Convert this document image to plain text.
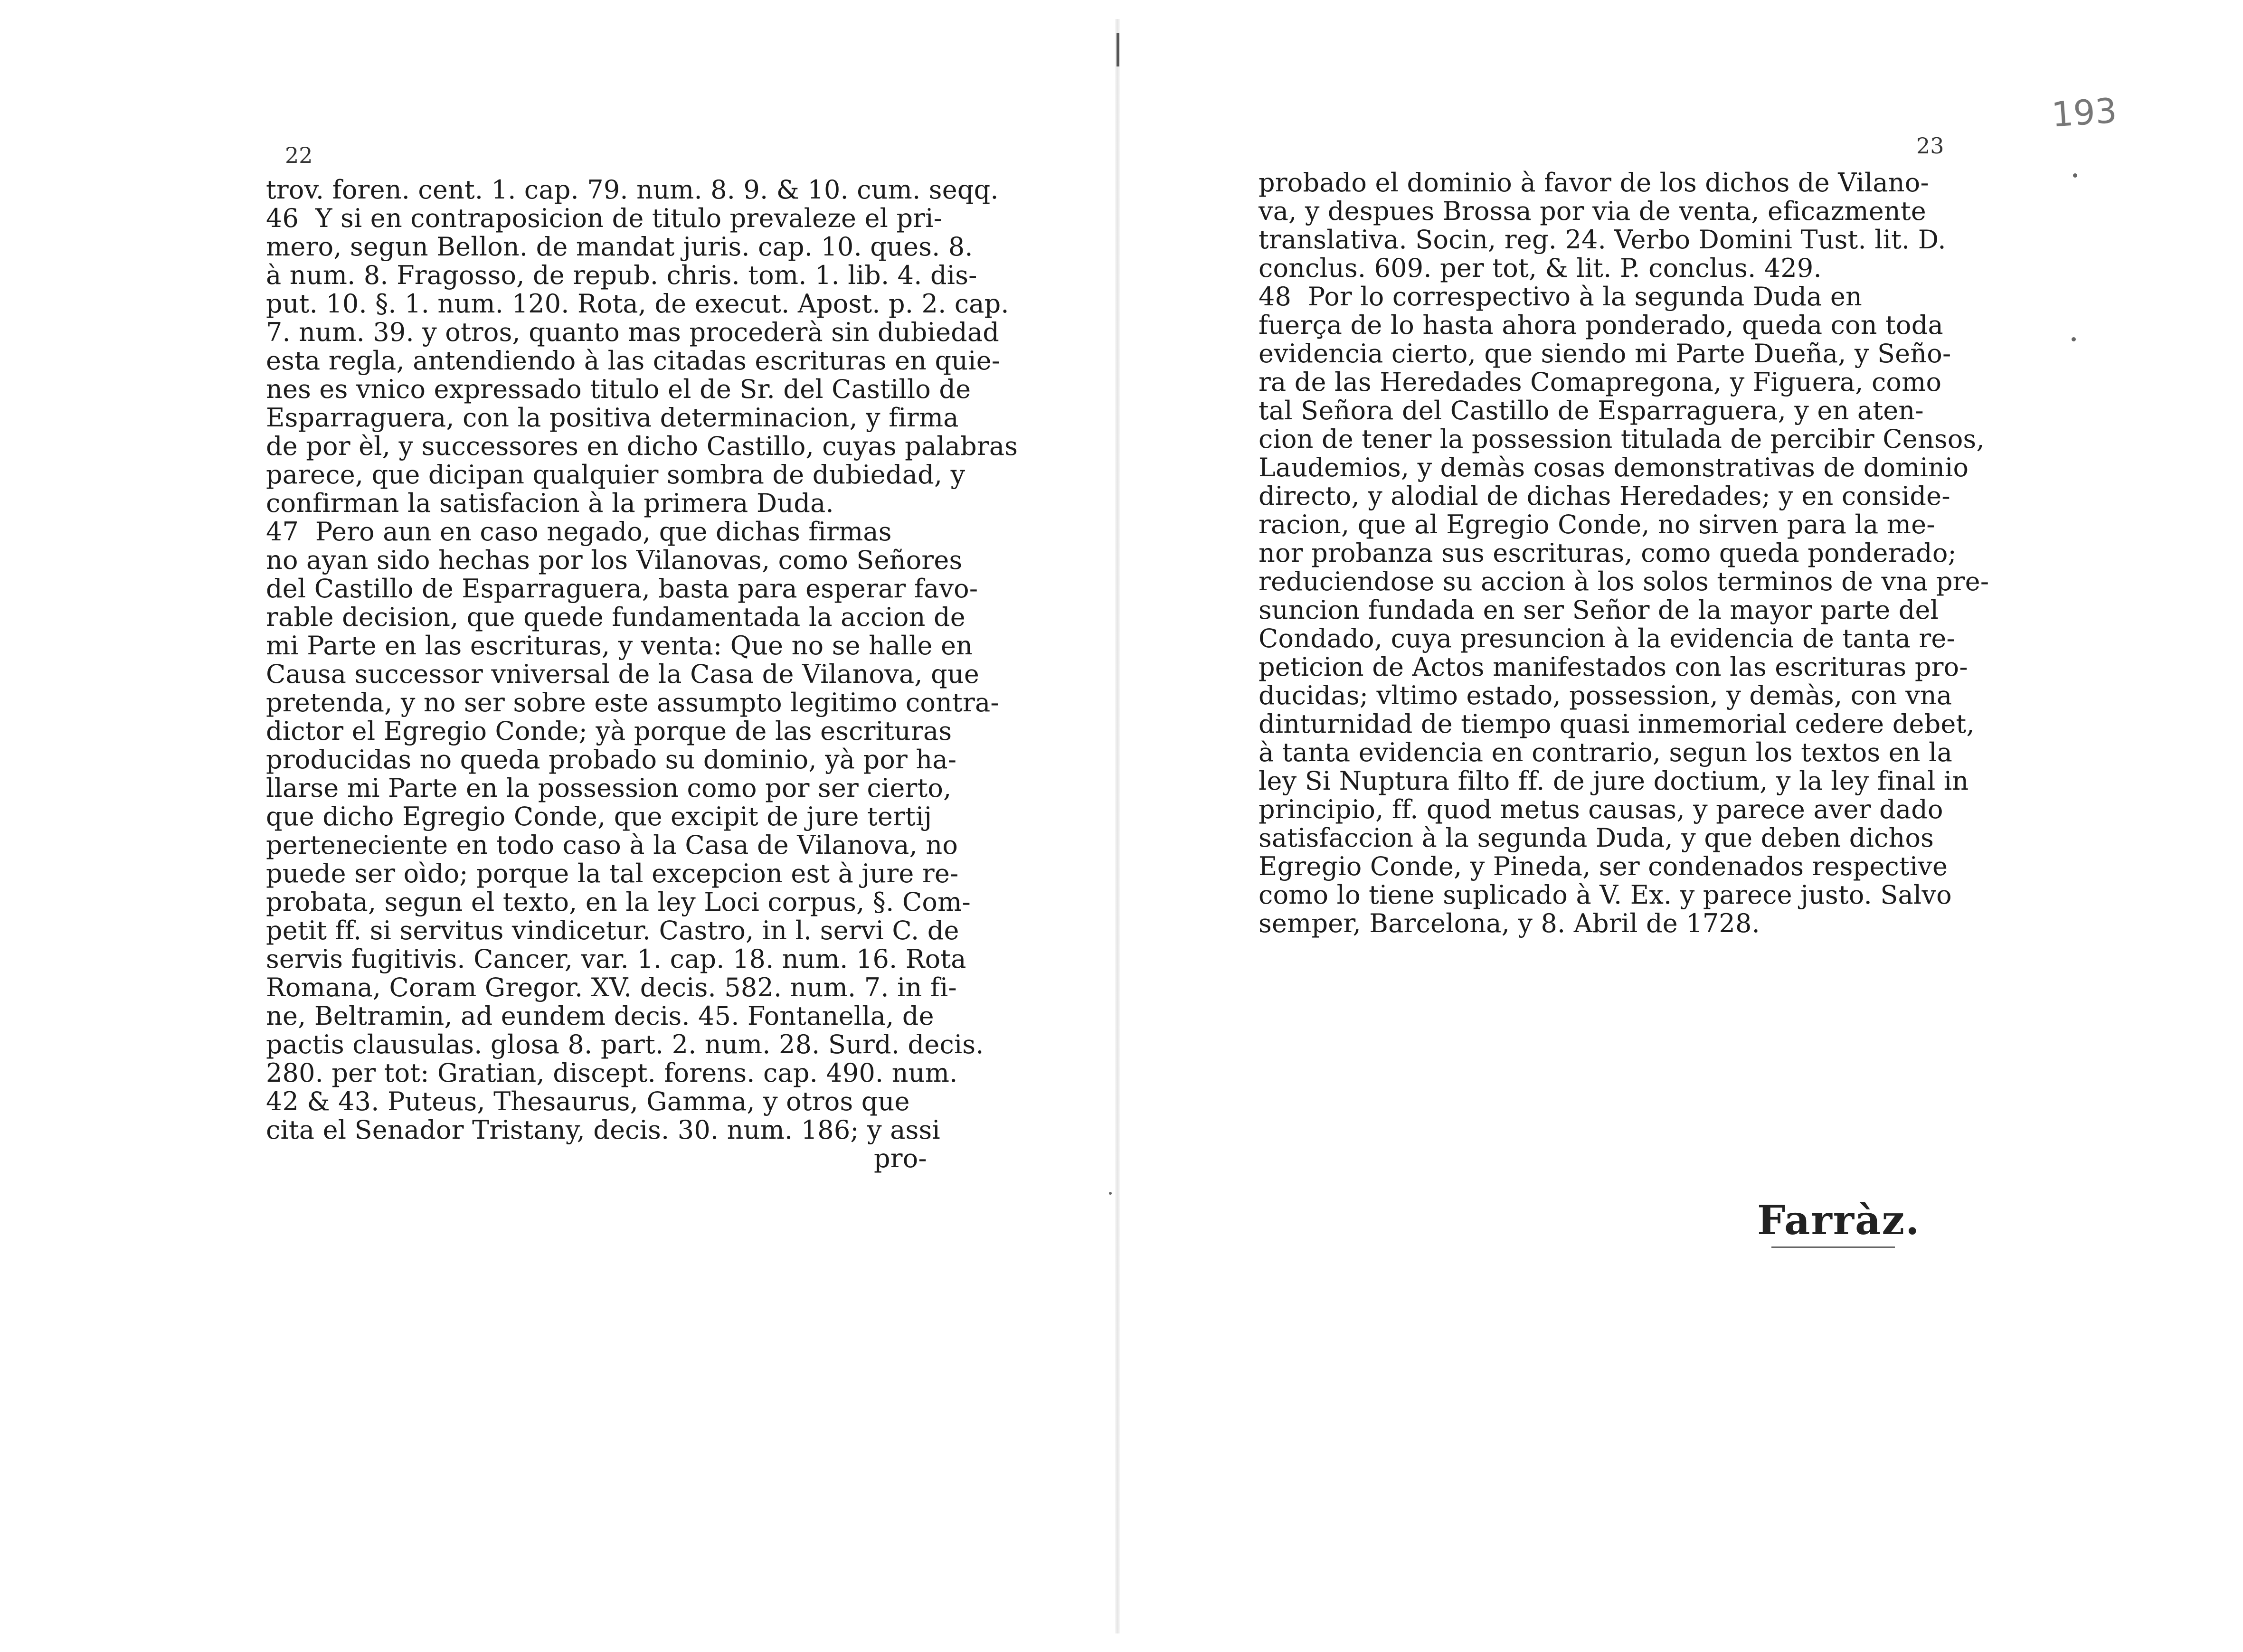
193
22
trov. foren. cent. 1. cap. 79. num. 8. 9. & 10. cum. seqq.
46  Y si en contraposicion de titulo prevaleze el pri-
mero, segun Bellon. de mandat juris. cap. 10. ques. 8.
à num. 8. Fragosso, de repub. chris. tom. 1. lib. 4. dis-
put. 10. §. 1. num. 120. Rota, de execut. Apost. p. 2. cap.
7. num. 39. y otros, quanto mas procederà sin dubiedad
esta regla, antendiendo à las citadas escrituras en quie-
nes es vnico expressado titulo el de Sr. del Castillo de
Esparraguera, con la positiva determinacion, y firma
de por èl, y successores en dicho Castillo, cuyas palabras
parece, que dicipan qualquier sombra de dubiedad, y
confirman la satisfacion à la primera Duda.
47  Pero aun en caso negado, que dichas firmas
no ayan sido hechas por los Vilanovas, como Señores
del Castillo de Esparraguera, basta para esperar favo-
rable decision, que quede fundamentada la accion de
mi Parte en las escrituras, y venta: Que no se halle en
Causa successor vniversal de la Casa de Vilanova, que
pretenda, y no ser sobre este assumpto legitimo contra-
dictor el Egregio Conde; yà porque de las escrituras
producidas no queda probado su dominio, yà por ha-
llarse mi Parte en la possession como por ser cierto,
que dicho Egregio Conde, que excipit de jure tertij
perteneciente en todo caso à la Casa de Vilanova, no
puede ser oìdo; porque la tal excepcion est à jure re-
probata, segun el texto, en la ley Loci corpus, §. Com-
petit ff. si servitus vindicetur. Castro, in l. servi C. de
servis fugitivis. Cancer, var. 1. cap. 18. num. 16. Rota
Romana, Coram Gregor. XV. decis. 582. num. 7. in fi-
ne, Beltramin, ad eundem decis. 45. Fontanella, de
pactis clausulas. glosa 8. part. 2. num. 28. Surd. decis.
280. per tot: Gratian, discept. forens. cap. 490. num.
42 & 43. Puteus, Thesaurus, Gamma, y otros que
cita el Senador Tristany, decis. 30. num. 186; y assi
pro-
23
probado el dominio à favor de los dichos de Vilano-
va, y despues Brossa por via de venta, eficazmente
translativa. Socin, reg. 24. Verbo Domini Tust. lit. D.
conclus. 609. per tot, & lit. P. conclus. 429.
48  Por lo correspectivo à la segunda Duda en
fuerça de lo hasta ahora ponderado, queda con toda
evidencia cierto, que siendo mi Parte Dueña, y Seño-
ra de las Heredades Comapregona, y Figuera, como
tal Señora del Castillo de Esparraguera, y en aten-
cion de tener la possession titulada de percibir Censos,
Laudemios, y demàs cosas demonstrativas de dominio
directo, y alodial de dichas Heredades; y en conside-
racion, que al Egregio Conde, no sirven para la me-
nor probanza sus escrituras, como queda ponderado;
reduciendose su accion à los solos terminos de vna pre-
suncion fundada en ser Señor de la mayor parte del
Condado, cuya presuncion à la evidencia de tanta re-
peticion de Actos manifestados con las escrituras pro-
ducidas; vltimo estado, possession, y demàs, con vna
dinturnidad de tiempo quasi inmemorial cedere debet,
à tanta evidencia en contrario, segun los textos en la
ley Si Nuptura filto ff. de jure doctium, y la ley final in
principio, ff. quod metus causas, y parece aver dado
satisfaccion à la segunda Duda, y que deben dichos
Egregio Conde, y Pineda, ser condenados respective
como lo tiene suplicado à V. Ex. y parece justo. Salvo
semper, Barcelona, y 8. Abril de 1728.
Farràz.
